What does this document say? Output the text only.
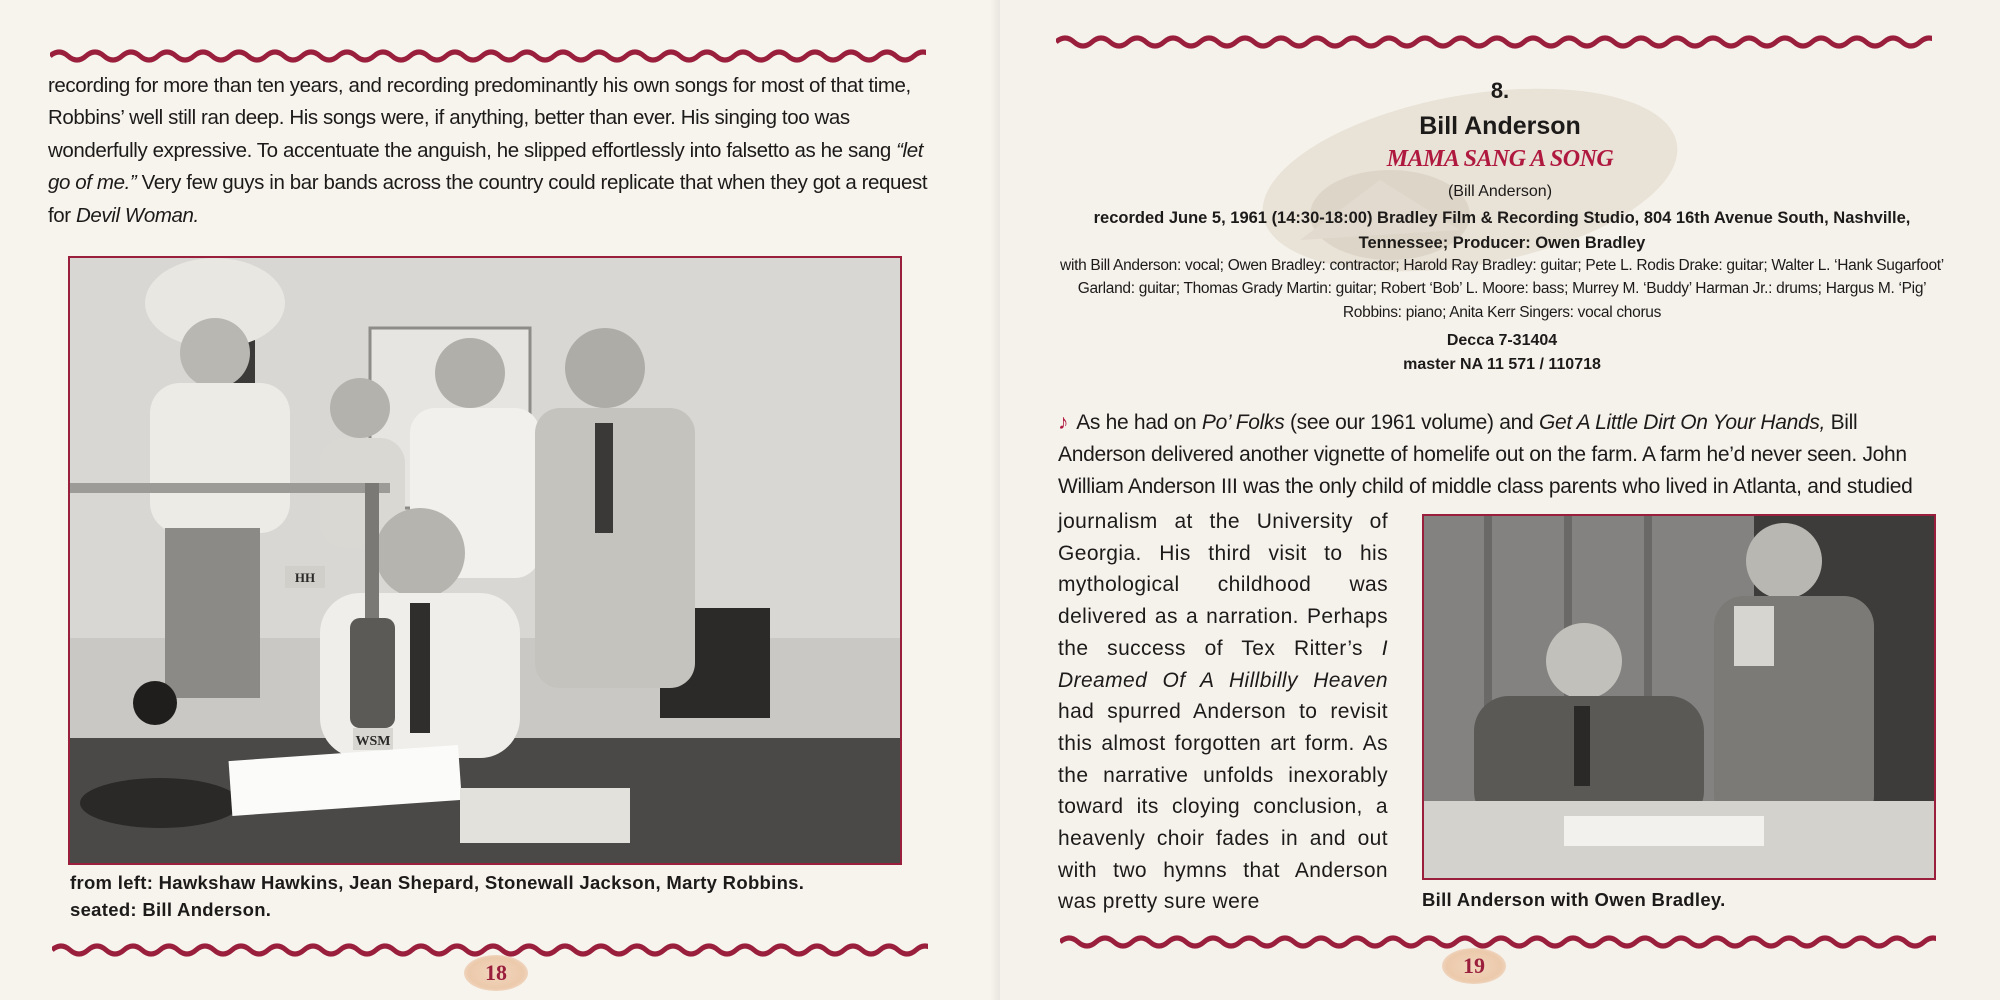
recording for more than ten years, and recording predominantly his own songs for most of that time, Robbins’ well still ran deep. His songs were, if anything, better than ever. His singing too was wonderfully expressive. To accentuate the anguish, he slipped effortlessly into falsetto as he sang “let go of me.” Very few guys in bar bands across the country could replicate that when they got a request for Devil Woman.

WSM
HH
from left: Hawkshaw Hawkins, Jean Shepard, Stonewall Jackson, Marty Robbins.
seated: Bill Anderson.
18
8.
Bill Anderson
MAMA SANG A SONG
(Bill Anderson)
recorded June 5, 1961 (14:30-18:00) Bradley Film & Recording Studio, 804 16th Avenue South, Nashville, Tennessee; Producer: Owen Bradley
with Bill Anderson: vocal; Owen Bradley: contractor; Harold Ray Bradley: guitar; Pete L. Rodis Drake: guitar; Walter L. ‘Hank Sugarfoot’ Garland: guitar; Thomas Grady Martin: guitar; Robert ‘Bob’ L. Moore: bass; Murrey M. ‘Buddy’ Harman Jr.: drums; Hargus M. ‘Pig’ Robbins: piano; Anita Kerr Singers: vocal chorus
Decca 7-31404
master NA 11 571 / 110718

♪ As he had on Po’ Folks (see our 1961 volume) and Get A Little Dirt On Your Hands, Bill Anderson delivered another vignette of homelife out on the farm. A farm he’d never seen. John William Anderson III was the only child of middle class parents who lived in Atlanta, and studied

journalism at the University of Georgia. His third visit to his mythological childhood was delivered as a narration. Perhaps the success of Tex Ritter’s I Dreamed Of A Hillbilly Heaven had spurred Anderson to revisit this almost forgotten art form. As the narrative unfolds inexorably toward its cloying conclusion, a heavenly choir fades in and out with two hymns that Anderson was pretty sure were	Bill Anderson with Owen Bradley.
19
